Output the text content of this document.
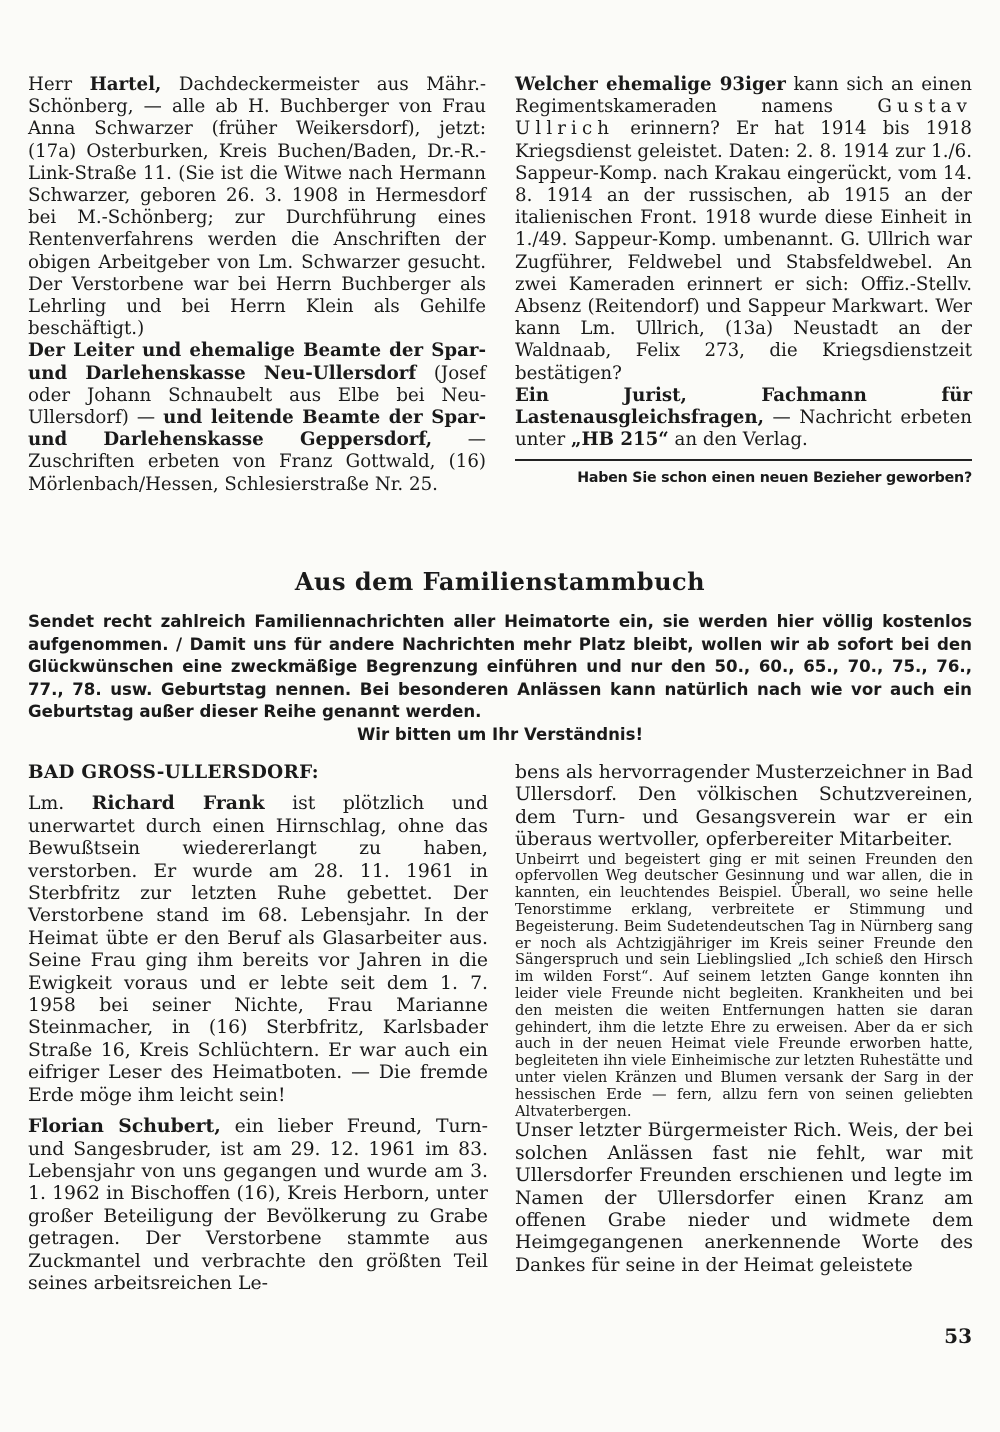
Herr Hartel, Dachdeckermeister aus Mähr.-Schönberg, — alle ab H. Buchberger von Frau Anna Schwarzer (früher Weikersdorf), jetzt: (17a) Osterburken, Kreis Buchen/Baden, Dr.-R.-Link-Straße 11. (Sie ist die Witwe nach Hermann Schwarzer, geboren 26. 3. 1908 in Hermesdorf bei M.-Schönberg; zur Durchführung eines Rentenverfahrens werden die Anschriften der obigen Arbeitgeber von Lm. Schwarzer gesucht. Der Verstorbene war bei Herrn Buchberger als Lehrling und bei Herrn Klein als Gehilfe beschäftigt.)

Der Leiter und ehemalige Beamte der Spar- und Darlehenskasse Neu-Ullersdorf (Josef oder Johann Schnaubelt aus Elbe bei Neu-Ullersdorf) — und leitende Beamte der Spar- und Darlehenskasse Geppersdorf, — Zuschriften erbeten von Franz Gottwald, (16) Mörlenbach/Hessen, Schlesierstraße Nr. 25.

Welcher ehemalige 93iger kann sich an einen Regimentskameraden namens Gustav Ullrich erinnern? Er hat 1914 bis 1918 Kriegsdienst geleistet. Daten: 2. 8. 1914 zur 1./6. Sappeur-Komp. nach Krakau eingerückt, vom 14. 8. 1914 an der russischen, ab 1915 an der italienischen Front. 1918 wurde diese Einheit in 1./49. Sappeur-Komp. umbenannt. G. Ullrich war Zugführer, Feldwebel und Stabsfeldwebel. An zwei Kameraden erinnert er sich: Offiz.-Stellv. Absenz (Reitendorf) und Sappeur Markwart. Wer kann Lm. Ullrich, (13a) Neustadt an der Waldnaab, Felix 273, die Kriegsdienstzeit bestätigen?

Ein Jurist, Fachmann für Lastenausgleichsfragen, — Nachricht erbeten unter „HB 215“ an den Verlag.

Haben Sie schon einen neuen Bezieher geworben?
Aus dem Familienstammbuch
Sendet recht zahlreich Familiennachrichten aller Heimatorte ein, sie werden hier völlig kostenlos aufgenommen. / Damit uns für andere Nachrichten mehr Platz bleibt, wollen wir ab sofort bei den Glückwünschen eine zweckmäßige Begrenzung einführen und nur den 50., 60., 65., 70., 75., 76., 77., 78. usw. Geburtstag nennen. Bei besonderen Anlässen kann natürlich nach wie vor auch ein Geburtstag außer dieser Reihe genannt werden.
Wir bitten um Ihr Verständnis!
BAD GROSS-ULLERSDORF:

Lm. Richard Frank ist plötzlich und unerwartet durch einen Hirnschlag, ohne das Bewußtsein wiedererlangt zu haben, verstorben. Er wurde am 28. 11. 1961 in Sterbfritz zur letzten Ruhe gebettet. Der Verstorbene stand im 68. Lebensjahr. In der Heimat übte er den Beruf als Glasarbeiter aus. Seine Frau ging ihm bereits vor Jahren in die Ewigkeit voraus und er lebte seit dem 1. 7. 1958 bei seiner Nichte, Frau Marianne Steinmacher, in (16) Sterbfritz, Karlsbader Straße 16, Kreis Schlüchtern. Er war auch ein eifriger Leser des Heimatboten. — Die fremde Erde möge ihm leicht sein!

Florian Schubert, ein lieber Freund, Turn- und Sangesbruder, ist am 29. 12. 1961 im 83. Lebensjahr von uns gegangen und wurde am 3. 1. 1962 in Bischoffen (16), Kreis Herborn, unter großer Beteiligung der Bevölkerung zu Grabe getragen. Der Verstorbene stammte aus Zuckmantel und verbrachte den größten Teil seines arbeitsreichen Le-

bens als hervorragender Musterzeichner in Bad Ullersdorf. Den völkischen Schutzvereinen, dem Turn- und Gesangsverein war er ein überaus wertvoller, opferbereiter Mitarbeiter.

Unbeirrt und begeistert ging er mit seinen Freunden den opfervollen Weg deutscher Gesinnung und war allen, die in kannten, ein leuchtendes Beispiel. Überall, wo seine helle Tenorstimme erklang, verbreitete er Stimmung und Begeisterung. Beim Sudetendeutschen Tag in Nürnberg sang er noch als Achtzigjähriger im Kreis seiner Freunde den Sängerspruch und sein Lieblingslied „Ich schieß den Hirsch im wilden Forst“. Auf seinem letzten Gange konnten ihn leider viele Freunde nicht begleiten. Krankheiten und bei den meisten die weiten Entfernungen hatten sie daran gehindert, ihm die letzte Ehre zu erweisen. Aber da er sich auch in der neuen Heimat viele Freunde erworben hatte, begleiteten ihn viele Einheimische zur letzten Ruhestätte und unter vielen Kränzen und Blumen versank der Sarg in der hessischen Erde — fern, allzu fern von seinen geliebten Altvaterbergen.

Unser letzter Bürgermeister Rich. Weis, der bei solchen Anlässen fast nie fehlt, war mit Ullersdorfer Freunden erschienen und legte im Namen der Ullersdorfer einen Kranz am offenen Grabe nieder und widmete dem Heimgegangenen anerkennende Worte des Dankes für seine in der Heimat geleistete

53
